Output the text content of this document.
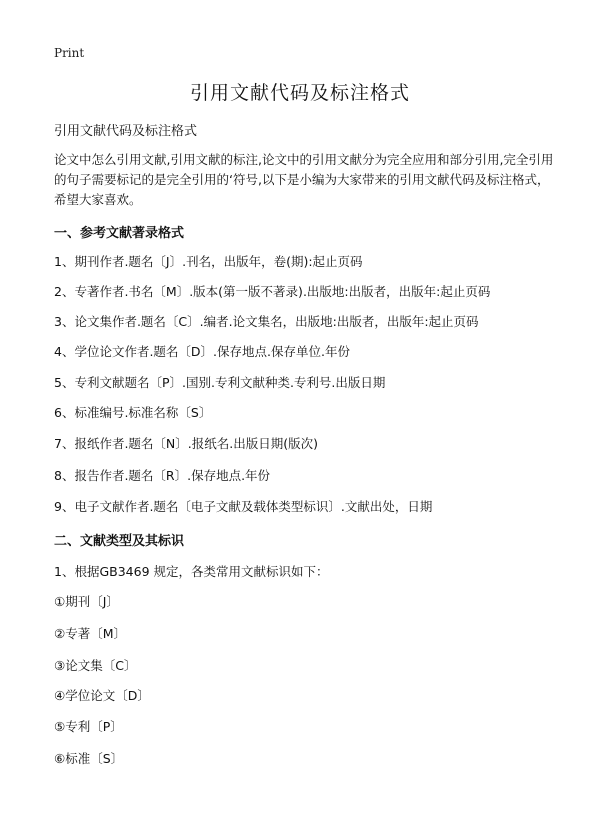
Print
引用文献代码及标注格式
引用文献代码及标注格式
论文中怎么引用文献,引用文献的标注,论文中的引用文献分为完全应用和部分引用,完全引用的句子需要标记的是完全引用的‘符号,以下是小编为大家带来的引用文献代码及标注格式，希望大家喜欢。
一、参考文献著录格式
1、期刊作者.题名〔J〕.刊名，出版年，卷(期):起止页码
2、专著作者.书名〔M〕.版本(第一版不著录).出版地:出版者，出版年:起止页码
3、论文集作者.题名〔C〕.编者.论文集名，出版地:出版者，出版年:起止页码
4、学位论文作者.题名〔D〕.保存地点.保存单位.年份
5、专利文献题名〔P〕.国别.专利文献种类.专利号.出版日期
6、标准编号.标准名称〔S〕
7、报纸作者.题名〔N〕.报纸名.出版日期(版次)
8、报告作者.题名〔R〕.保存地点.年份
9、电子文献作者.题名〔电子文献及载体类型标识〕.文献出处，日期
二、文献类型及其标识
1、根据GB3469 规定，各类常用文献标识如下：
①期刊〔J〕
②专著〔M〕
③论文集〔C〕
④学位论文〔D〕
⑤专利〔P〕
⑥标准〔S〕
